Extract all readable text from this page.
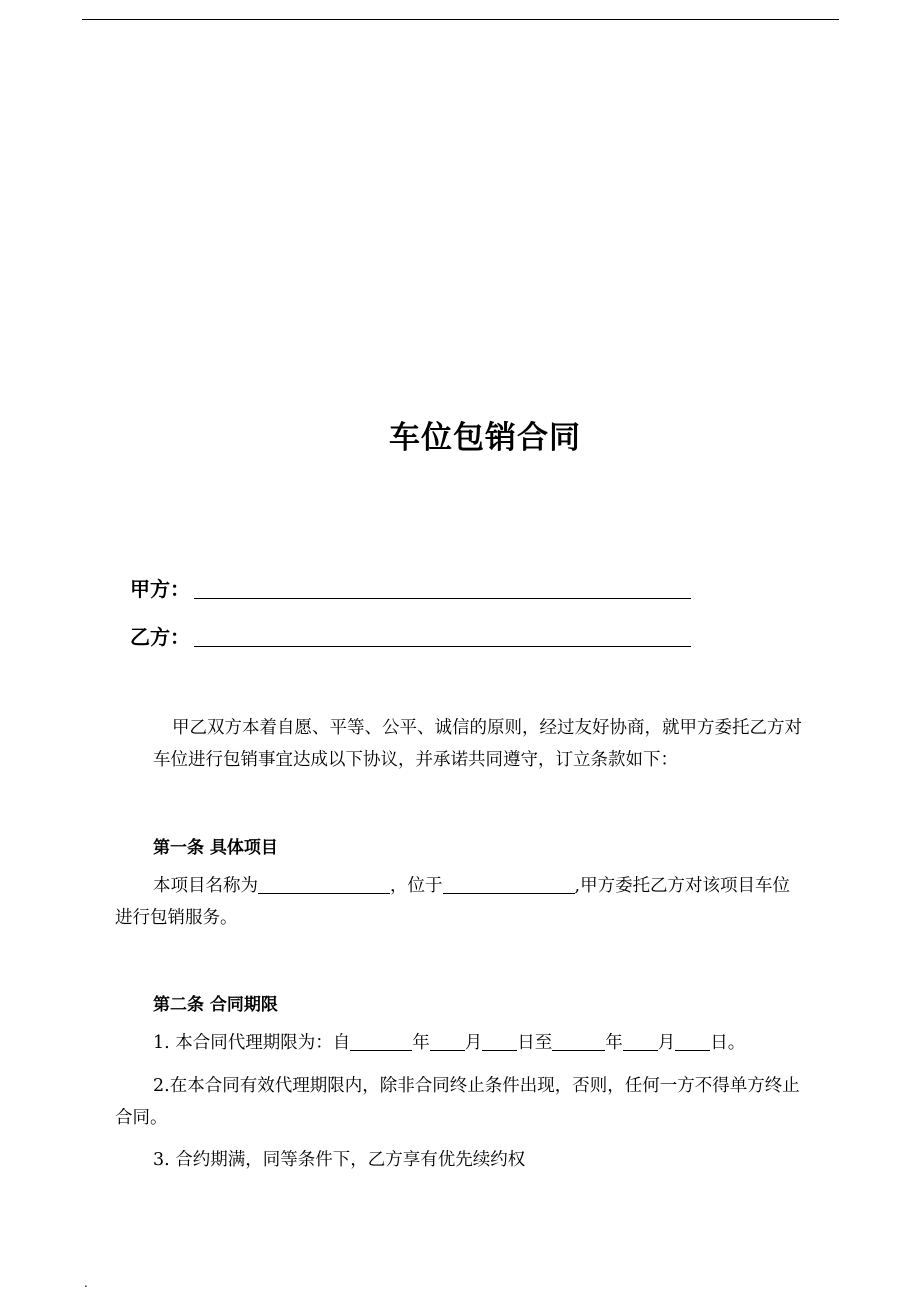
车位包销合同
甲方：
乙方：
甲乙双方本着自愿、平等、公平、诚信的原则，经过友好协商，就甲方委托乙方对
车位进行包销事宜达成以下协议，并承诺共同遵守，订立条款如下：
第一条 具体项目
本项目名称为	，位于	,甲方委托乙方对该项目车位
进行包销服务。
第二条 合同期限
1. 本合同代理期限为：自	年 月 日至	年 月 日。
2.在本合同有效代理期限内，除非合同终止条件出现，否则，任何一方不得单方终止
合同。
3. 合约期满，同等条件下，乙方享有优先续约权
.
